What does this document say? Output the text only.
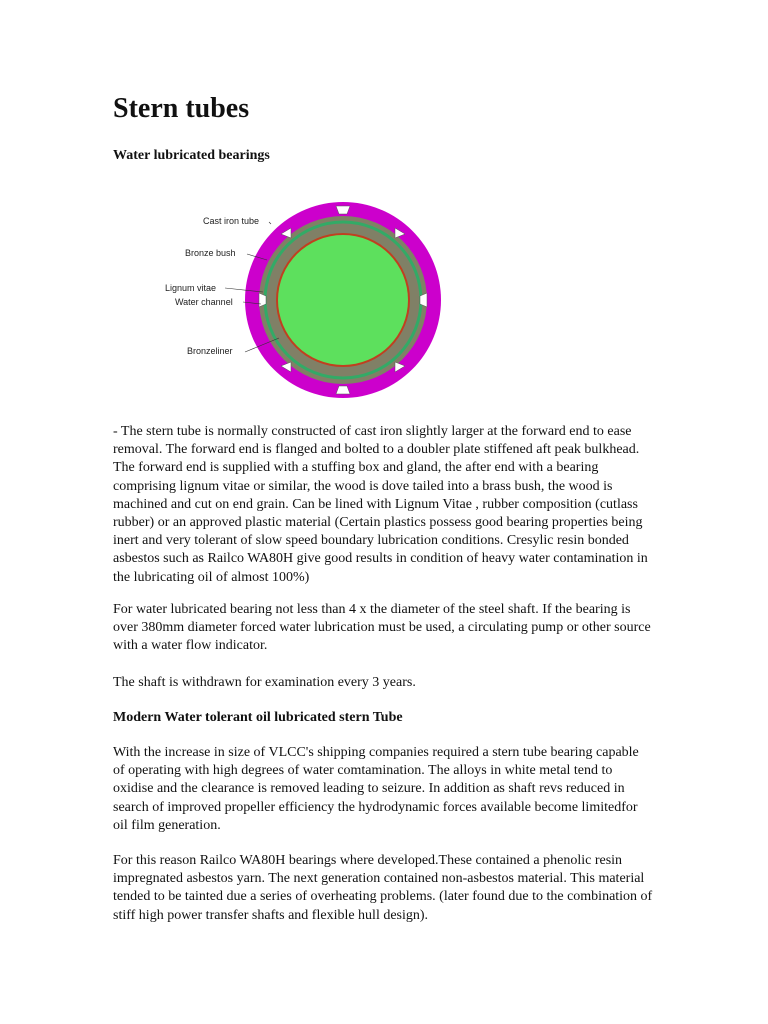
Stern tubes

Water lubricated bearings

Cast iron tube
Bronze bush
Lignum vitae
Water channel
Bronzeliner

- The stern tube is normally constructed of cast iron slightly larger at the forward end to ease removal. The forward end is flanged and bolted to a doubler plate stiffened aft peak bulkhead. The forward end is supplied with a stuffing box and gland, the after end with a bearing comprising lignum vitae or similar, the wood is dove tailed into a brass bush, the wood is machined and cut on end grain. Can be lined with Lignum Vitae , rubber composition (cutlass rubber) or an approved plastic material (Certain plastics possess good bearing properties being inert and very tolerant of slow speed boundary lubrication conditions. Cresylic resin bonded asbestos such as Railco WA80H give good results in condition of heavy water contamination in the lubricating oil of almost 100%)

For water lubricated bearing not less than 4 x the diameter of the steel shaft. If the bearing is over 380mm diameter forced water lubrication must be used, a circulating pump or other source with a water flow indicator.

The shaft is withdrawn for examination every 3 years.

Modern Water tolerant oil lubricated stern Tube

With the increase in size of VLCC's shipping companies required a stern tube bearing capable of operating with high degrees of water comtamination. The alloys in white metal tend to oxidise and the clearance is removed leading to seizure. In addition as shaft revs reduced in search of improved propeller efficiency the hydrodynamic forces available become limitedfor oil film generation.

For this reason Railco WA80H bearings where developed.These contained a phenolic resin impregnated asbestos yarn. The next generation contained non-asbestos material. This material tended to be tainted due a series of overheating problems. (later found due to the combination of stiff high power transfer shafts and flexible hull design).
